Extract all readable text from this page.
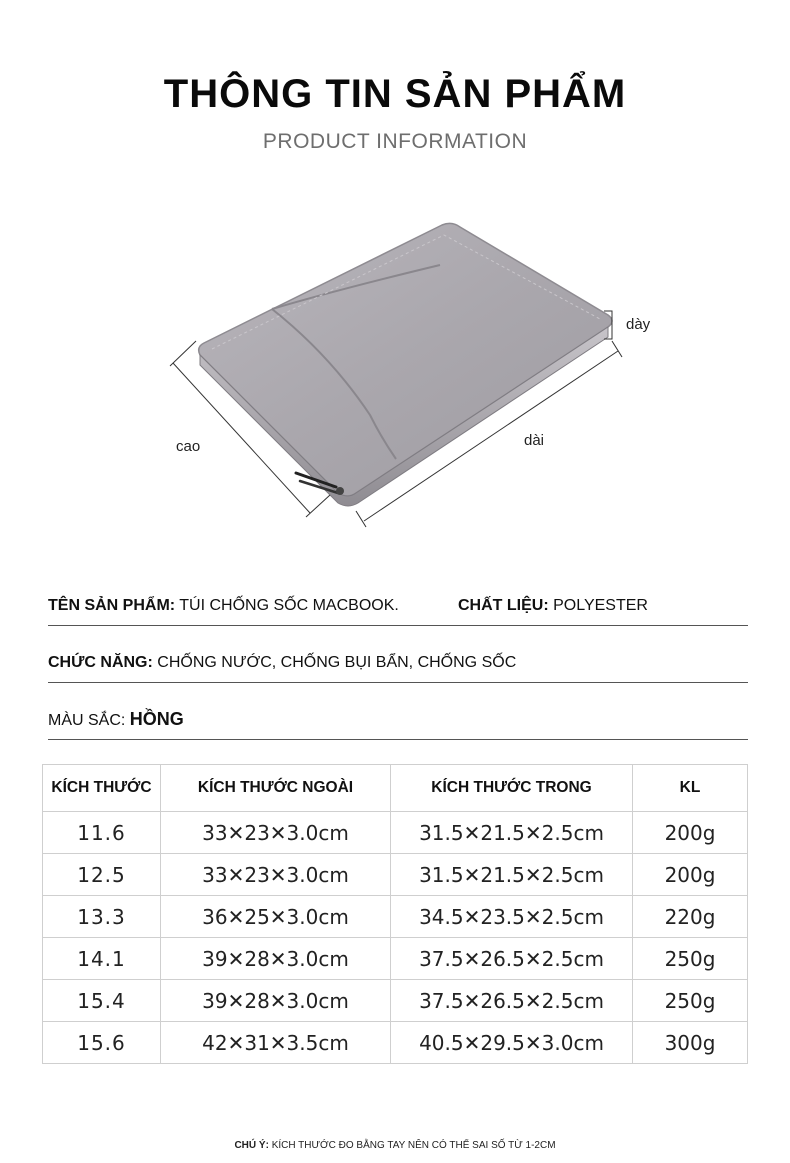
THÔNG TIN SẢN PHẨM
PRODUCT INFORMATION
dày
cao	dài
TÊN SẢN PHẨM: TÚI CHỐNG SỐC MACBOOK.	CHẤT LIỆU: POLYESTER
CHỨC NĂNG: CHỐNG NƯỚC, CHỐNG BỤI BẨN, CHỐNG SỐC
MÀU SẮC: HỒNG
KÍCH THƯỚC	KÍCH THƯỚC NGOÀI	KÍCH THƯỚC TRONG	KL
11.6	33✕23✕3.0cm	31.5✕21.5✕2.5cm	200g
12.5	33✕23✕3.0cm	31.5✕21.5✕2.5cm	200g
13.3	36✕25✕3.0cm	34.5✕23.5✕2.5cm	220g
14.1	39✕28✕3.0cm	37.5✕26.5✕2.5cm	250g
15.4	39✕28✕3.0cm	37.5✕26.5✕2.5cm	250g
15.6	42✕31✕3.5cm	40.5✕29.5✕3.0cm	300g
CHÚ Ý: KÍCH THƯỚC ĐO BẰNG TAY NÊN CÓ THỂ SAI SỐ TỪ 1-2CM
